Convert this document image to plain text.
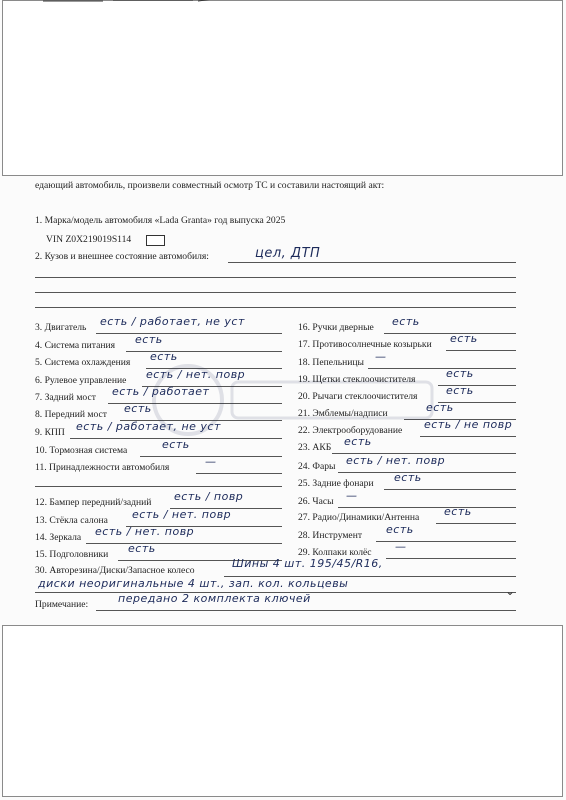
едающий автомобиль, произвели совместный осмотр ТС и составили настоящий акт:
1. Марка/модель автомобиля «Lada Granta» год выпуска 2025
VIN Z0X219019S114
2. Кузов и внешнее состояние автомобиля:	цел, ДТП
3. Двигатель есть / работает, не уст
4. Система питания есть
5. Система охлаждения есть
6. Рулевое управление есть / нет. повр
7. Задний мост есть / работает
8. Передний мост есть
9. КПП есть / работает, не уст
10. Тормозная система	есть
11. Принадлежности автомобиля	—
12. Бампер передний/задний есть / повр
13. Стёкла салона есть / нет. повр
14. Зеркала есть / нет. повр
15. Подголовники есть
16. Ручки дверные есть
17. Противосолнечные козырьки есть
18. Пепельницы —
19. Щетки стеклоочистителя	есть
20. Рычаги стеклоочистителя	есть
21. Эмблемы/надписи	есть
22. Электрооборудование есть / не повр
23. АКБ есть
24. Фары есть / нет. повр
25. Задние фонари есть
26. Часы —
27. Радио/Динамики/Антенна есть
28. Инструмент есть
29. Колпаки колёс —
30. Авторезина/Диски/Запасное колесо
Шины 4 шт. 195/45/R16,
диски неоригинальные 4 шт., зап. кол. кольцевы
Примечание:	передано 2 комплекта ключей
⌄
